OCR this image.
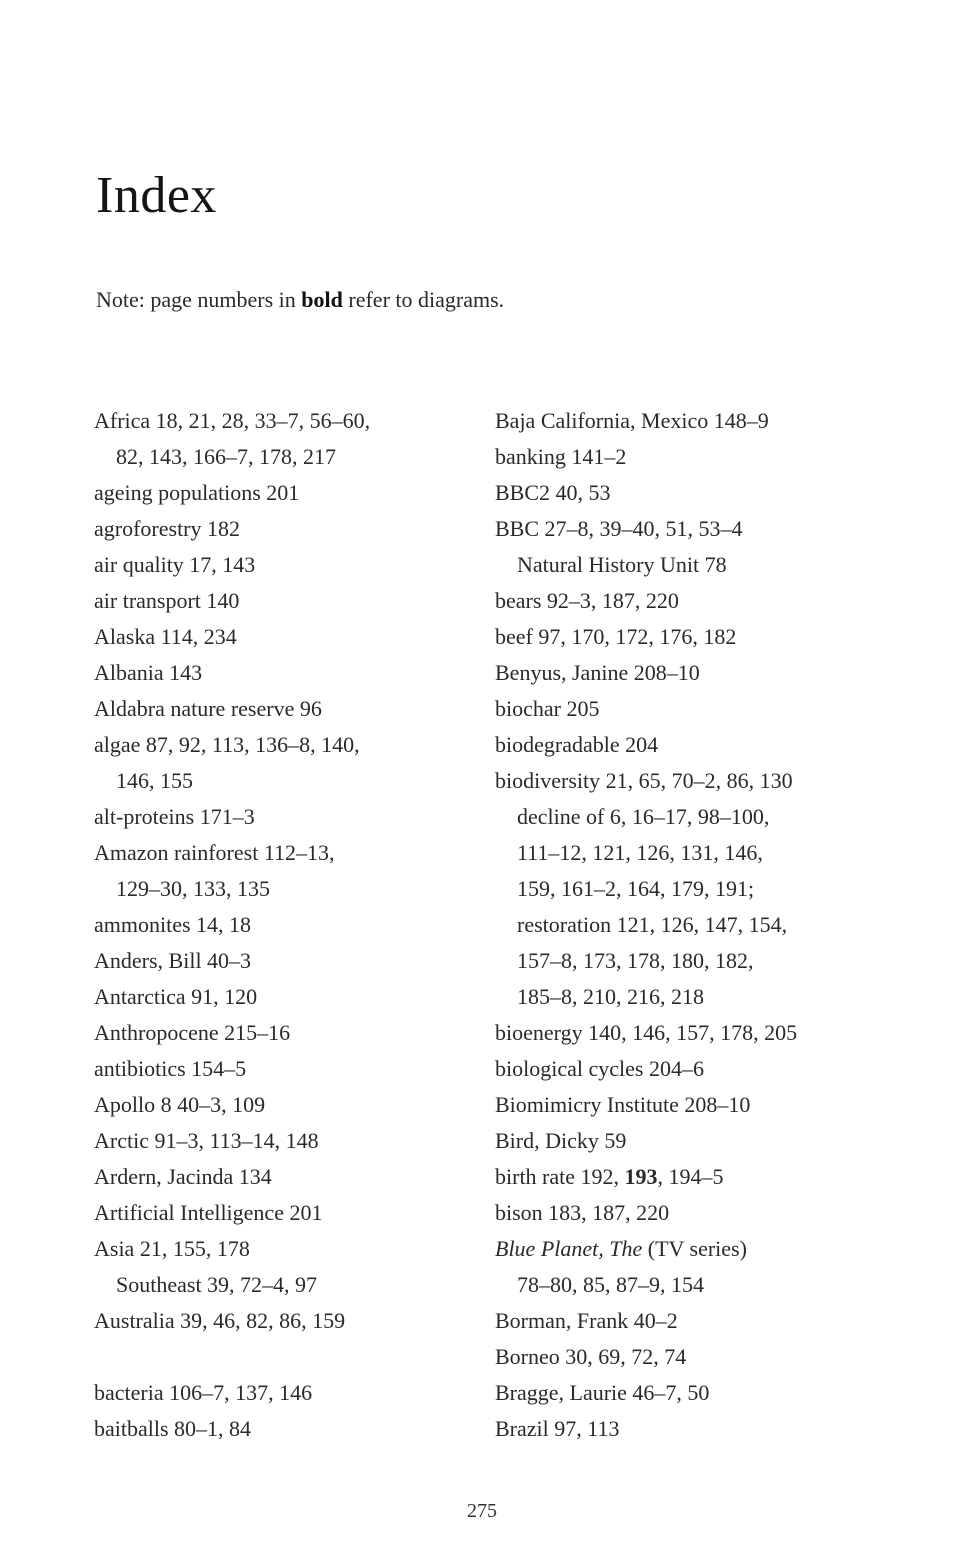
Index
Note: page numbers in bold refer to diagrams.
Africa 18, 21, 28, 33–7, 56–60,
82, 143, 166–7, 178, 217
ageing populations 201
agroforestry 182
air quality 17, 143
air transport 140
Alaska 114, 234
Albania 143
Aldabra nature reserve 96
algae 87, 92, 113, 136–8, 140,
146, 155
alt-proteins 171–3
Amazon rainforest 112–13,
129–30, 133, 135
ammonites 14, 18
Anders, Bill 40–3
Antarctica 91, 120
Anthropocene 215–16
antibiotics 154–5
Apollo 8 40–3, 109
Arctic 91–3, 113–14, 148
Ardern, Jacinda 134
Artificial Intelligence 201
Asia 21, 155, 178
Southeast 39, 72–4, 97
Australia 39, 46, 82, 86, 159
bacteria 106–7, 137, 146
baitballs 80–1, 84
Baja California, Mexico 148–9
banking 141–2
BBC2 40, 53
BBC 27–8, 39–40, 51, 53–4
Natural History Unit 78
bears 92–3, 187, 220
beef 97, 170, 172, 176, 182
Benyus, Janine 208–10
biochar 205
biodegradable 204
biodiversity 21, 65, 70–2, 86, 130
decline of 6, 16–17, 98–100,
111–12, 121, 126, 131, 146,
159, 161–2, 164, 179, 191;
restoration 121, 126, 147, 154,
157–8, 173, 178, 180, 182,
185–8, 210, 216, 218
bioenergy 140, 146, 157, 178, 205
biological cycles 204–6
Biomimicry Institute 208–10
Bird, Dicky 59
birth rate 192, 193, 194–5
bison 183, 187, 220
Blue Planet, The (TV series)
78–80, 85, 87–9, 154
Borman, Frank 40–2
Borneo 30, 69, 72, 74
Bragge, Laurie 46–7, 50
Brazil 97, 113
275
